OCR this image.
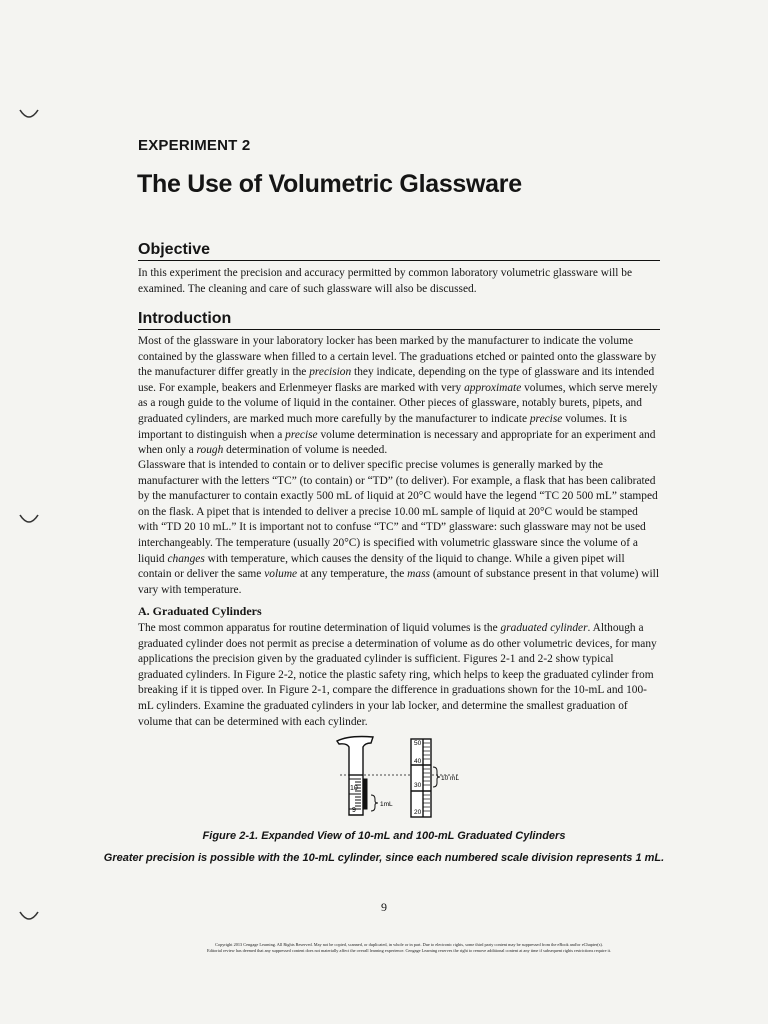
EXPERIMENT 2
The Use of Volumetric Glassware
Objective

In this experiment the precision and accuracy permitted by common laboratory volumetric glassware will be examined. The cleaning and care of such glassware will also be discussed.

Introduction

Most of the glassware in your laboratory locker has been marked by the manufacturer to indicate the volume contained by the glassware when filled to a certain level. The graduations etched or painted onto the glassware by the manufacturer differ greatly in the precision they indicate, depending on the type of glassware and its intended use. For example, beakers and Erlenmeyer flasks are marked with very approximate volumes, which serve merely as a rough guide to the volume of liquid in the container. Other pieces of glassware, notably burets, pipets, and graduated cylinders, are marked much more carefully by the manufacturer to indicate precise volumes. It is important to distinguish when a precise volume determination is necessary and appropriate for an experiment and when only a rough determination of volume is needed.

Glassware that is intended to contain or to deliver specific precise volumes is generally marked by the manufacturer with the letters “TC” (to contain) or “TD” (to deliver). For example, a flask that has been calibrated by the manufacturer to contain exactly 500 mL of liquid at 20°C would have the legend “TC 20 500 mL” stamped on the flask. A pipet that is intended to deliver a precise 10.00 mL sample of liquid at 20°C would be stamped with “TD 20 10 mL.” It is important not to confuse “TC” and “TD” glassware: such glassware may not be used interchangeably. The temperature (usually 20°C) is specified with volumetric glassware since the volume of a liquid changes with temperature, which causes the density of the liquid to change. While a given pipet will contain or deliver the same volume at any temperature, the mass (amount of substance present in that volume) will vary with temperature.

A. Graduated Cylinders

The most common apparatus for routine determination of liquid volumes is the graduated cylinder. Although a graduated cylinder does not permit as precise a determination of volume as do other volumetric devices, for many applications the precision given by the graduated cylinder is sufficient. Figures 2-1 and 2-2 show typical graduated cylinders. In Figure 2-2, notice the plastic safety ring, which helps to keep the graduated cylinder from breaking if it is tipped over. In Figure 2-1, compare the difference in graduations shown for the 10-mL and 100-mL cylinders. Examine the graduated cylinders in your lab locker, and determine the smallest graduation of volume that can be determined with each cylinder.

10
9
1mL
50
40
30
20
10 mL
Figure 2-1. Expanded View of 10-mL and 100-mL Graduated Cylinders
Greater precision is possible with the 10-mL cylinder, since each numbered scale division represents 1 mL.
9
Copyright 2013 Cengage Learning. All Rights Reserved. May not be copied, scanned, or duplicated, in whole or in part. Due to electronic rights, some third party content may be suppressed from the eBook and/or eChapter(s).
Editorial review has deemed that any suppressed content does not materially affect the overall learning experience. Cengage Learning reserves the right to remove additional content at any time if subsequent rights restrictions require it.
